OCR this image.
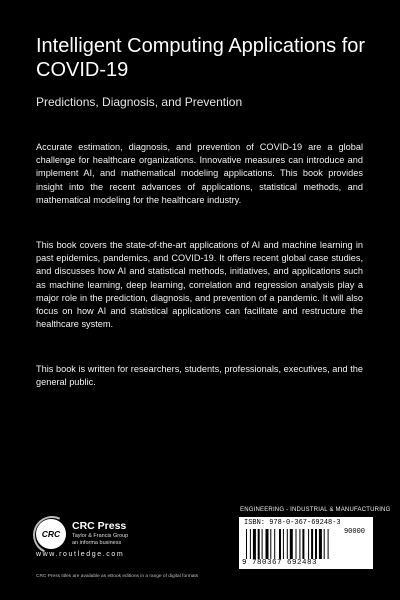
Intelligent Computing Applications for COVID-19

Predictions, Diagnosis, and Prevention

Accurate estimation, diagnosis, and prevention of COVID-19 are a global challenge for healthcare organizations. Innovative measures can introduce and implement AI, and mathematical modeling applications. This book provides insight into the recent advances of applications, statistical methods, and mathematical modeling for the healthcare industry.

This book covers the state-of-the-art applications of AI and machine learning in past epidemics, pandemics, and COVID-19. It offers recent global case studies, and discusses how AI and statistical methods, initiatives, and applications such as machine learning, deep learning, correlation and regression analysis play a major role in the prediction, diagnosis, and prevention of a pandemic. It will also focus on how AI and statistical applications can facilitate and restructure the healthcare system.

This book is written for researchers, students, professionals, executives, and the general public.

CRC
CRC Press
Taylor & Francis Group
an informa business
www.routledge.com
CRC Press titles are available as eBook editions in a range of digital formats
ENGINEERING - INDUSTRIAL & MANUFACTURING
ISBN: 978-0-367-69248-3
90000
9 780367 692483
